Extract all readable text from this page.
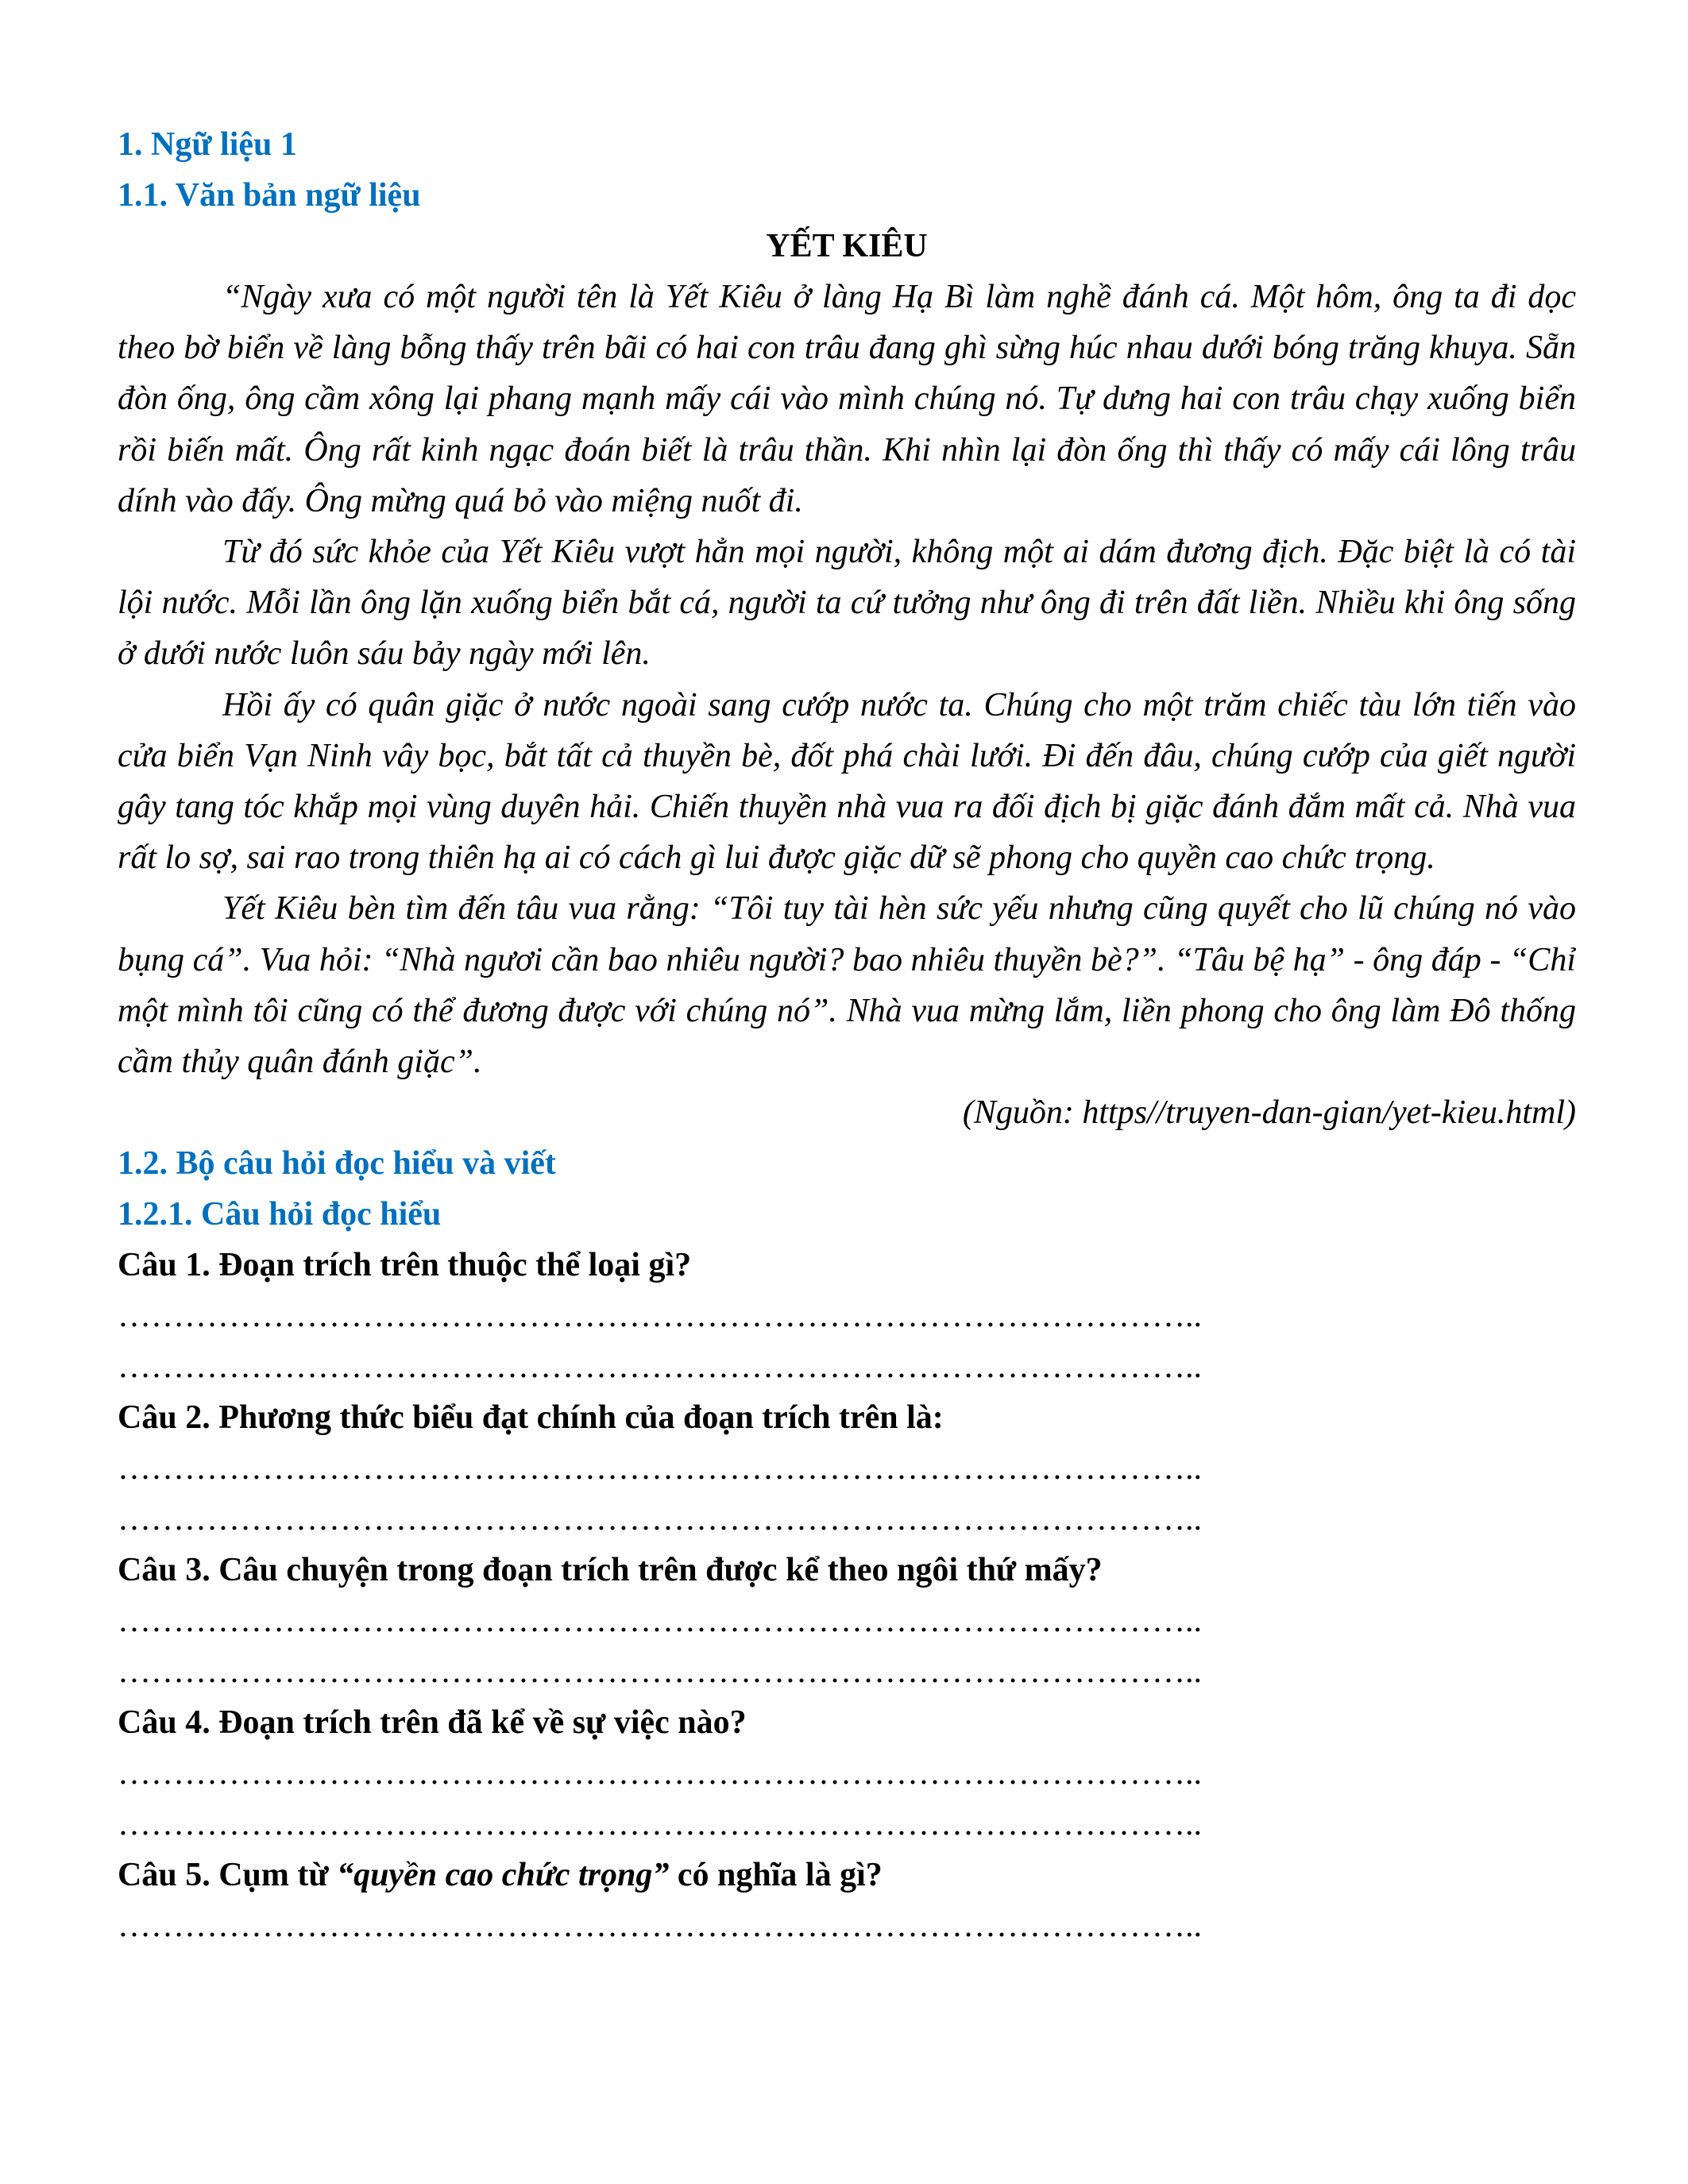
1. Ngữ liệu 1
1.1. Văn bản ngữ liệu
YẾT KIÊU

“Ngày xưa có một người tên là Yết Kiêu ở làng Hạ Bì làm nghề đánh cá. Một hôm, ông ta đi dọc theo bờ biển về làng bỗng thấy trên bãi có hai con trâu đang ghì sừng húc nhau dưới bóng trăng khuya. Sẵn đòn ống, ông cầm xông lại phang mạnh mấy cái vào mình chúng nó. Tự dưng hai con trâu chạy xuống biển rồi biến mất. Ông rất kinh ngạc đoán biết là trâu thần. Khi nhìn lại đòn ống thì thấy có mấy cái lông trâu dính vào đấy. Ông mừng quá bỏ vào miệng nuốt đi.

Từ đó sức khỏe của Yết Kiêu vượt hẳn mọi người, không một ai dám đương địch. Đặc biệt là có tài lội nước. Mỗi lần ông lặn xuống biển bắt cá, người ta cứ tưởng như ông đi trên đất liền. Nhiều khi ông sống ở dưới nước luôn sáu bảy ngày mới lên.

Hồi ấy có quân giặc ở nước ngoài sang cướp nước ta. Chúng cho một trăm chiếc tàu lớn tiến vào cửa biển Vạn Ninh vây bọc, bắt tất cả thuyền bè, đốt phá chài lưới. Đi đến đâu, chúng cướp của giết người gây tang tóc khắp mọi vùng duyên hải. Chiến thuyền nhà vua ra đối địch bị giặc đánh đắm mất cả. Nhà vua rất lo sợ, sai rao trong thiên hạ ai có cách gì lui được giặc dữ sẽ phong cho quyền cao chức trọng.

Yết Kiêu bèn tìm đến tâu vua rằng: “Tôi tuy tài hèn sức yếu nhưng cũng quyết cho lũ chúng nó vào bụng cá”. Vua hỏi: “Nhà ngươi cần bao nhiêu người? bao nhiêu thuyền bè?”. “Tâu bệ hạ” - ông đáp - “Chỉ một mình tôi cũng có thể đương được với chúng nó”. Nhà vua mừng lắm, liền phong cho ông làm Đô thống cầm thủy quân đánh giặc”.

(Nguồn: https//truyen-dan-gian/yet-kieu.html)
1.2. Bộ câu hỏi đọc hiểu và viết
1.2.1. Câu hỏi đọc hiểu
Câu 1. Đoạn trích trên thuộc thể loại gì?
……………………………………………………………………………………..
……………………………………………………………………………………..
Câu 2. Phương thức biểu đạt chính của đoạn trích trên là:
……………………………………………………………………………………..
……………………………………………………………………………………..
Câu 3. Câu chuyện trong đoạn trích trên được kể theo ngôi thứ mấy?
……………………………………………………………………………………..
……………………………………………………………………………………..
Câu 4. Đoạn trích trên đã kể về sự việc nào?
……………………………………………………………………………………..
……………………………………………………………………………………..
Câu 5. Cụm từ “quyền cao chức trọng” có nghĩa là gì?
……………………………………………………………………………………..
